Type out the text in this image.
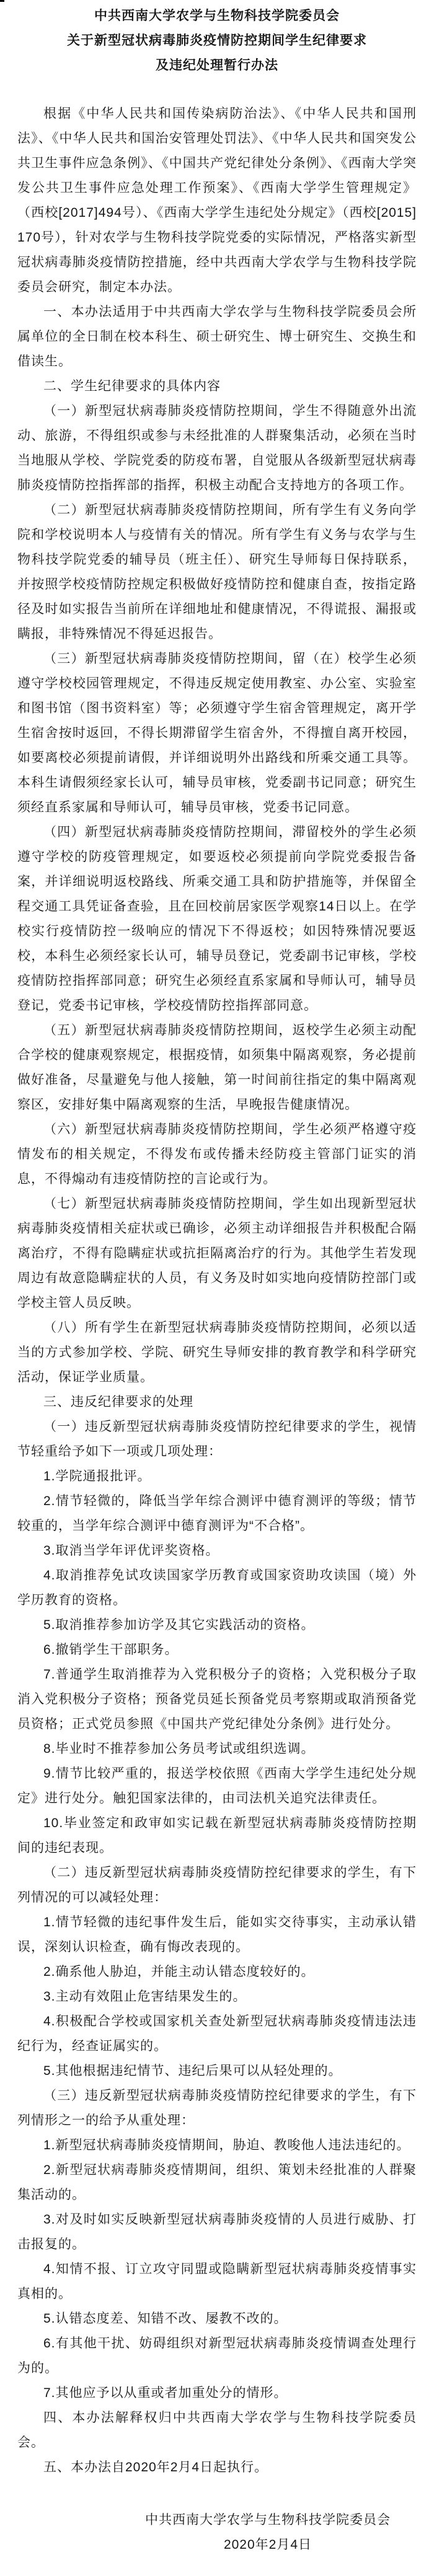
中共西南大学农学与生物科技学院委员会
关于新型冠状病毒肺炎疫情防控期间学生纪律要求
及违纪处理暂行办法

根据《中华人民共和国传染病防治法》、《中华人民共和国刑法》、《中华人民共和国治安管理处罚法》、《中华人民共和国突发公共卫生事件应急条例》、《中国共产党纪律处分条例》、《西南大学突发公共卫生事件应急处理工作预案》、《西南大学学生管理规定》（西校[2017]494号）、《西南大学学生违纪处分规定》（西校[2015]170号），针对农学与生物科技学院党委的实际情况，严格落实新型冠状病毒肺炎疫情防控措施，经中共西南大学农学与生物科技学院委员会研究，制定本办法。

一、本办法适用于中共西南大学农学与生物科技学院委员会所属单位的全日制在校本科生、硕士研究生、博士研究生、交换生和借读生。

二、学生纪律要求的具体内容

（一）新型冠状病毒肺炎疫情防控期间，学生不得随意外出流动、旅游，不得组织或参与未经批准的人群聚集活动，必须在当时当地服从学校、学院党委的防疫布署，自觉服从各级新型冠状病毒肺炎疫情防控指挥部的指挥，积极主动配合支持地方的各项工作。

（二）新型冠状病毒肺炎疫情防控期间，所有学生有义务向学院和学校说明本人与疫情有关的情况。所有学生有义务与农学与生物科技学院党委的辅导员（班主任）、研究生导师每日保持联系，并按照学校疫情防控规定积极做好疫情防控和健康自查，按指定路径及时如实报告当前所在详细地址和健康情况，不得谎报、漏报或瞒报，非特殊情况不得延迟报告。

（三）新型冠状病毒肺炎疫情防控期间，留（在）校学生必须遵守学校校园管理规定，不得违反规定使用教室、办公室、实验室和图书馆（图书资料室）等；必须遵守学生宿舍管理规定，离开学生宿舍按时返回，不得长期滞留学生宿舍外，不得擅自离开校园，如要离校必须提前请假，并详细说明外出路线和所乘交通工具等。本科生请假须经家长认可，辅导员审核，党委副书记同意；研究生须经直系家属和导师认可，辅导员审核，党委书记同意。

（四）新型冠状病毒肺炎疫情防控期间，滞留校外的学生必须遵守学校的防疫管理规定，如要返校必须提前向学院党委报告备案，并详细说明返校路线、所乘交通工具和防护措施等，并保留全程交通工具凭证备查验，且在回校前居家医学观察14日以上。在学校实行疫情防控一级响应的情况下不得返校；如因特殊情况要返校，本科生必须经家长认可，辅导员登记，党委副书记审核，学校疫情防控指挥部同意；研究生必须经直系家属和导师认可，辅导员登记，党委书记审核，学校疫情防控指挥部同意。

（五）新型冠状病毒肺炎疫情防控期间，返校学生必须主动配合学校的健康观察规定，根据疫情，如须集中隔离观察，务必提前做好准备，尽量避免与他人接触，第一时间前往指定的集中隔离观察区，安排好集中隔离观察的生活，早晚报告健康情况。

（六）新型冠状病毒肺炎疫情防控期间，学生必须严格遵守疫情发布的相关规定，不得发布或传播未经防疫主管部门证实的消息，不得煽动有违疫情防控的言论或行为。

（七）新型冠状病毒肺炎疫情防控期间，学生如出现新型冠状病毒肺炎疫情相关症状或已确诊，必须主动详细报告并积极配合隔离治疗，不得有隐瞒症状或抗拒隔离治疗的行为。其他学生若发现周边有故意隐瞒症状的人员，有义务及时如实地向疫情防控部门或学校主管人员反映。

（八）所有学生在新型冠状病毒肺炎疫情防控期间，必须以适当的方式参加学校、学院、研究生导师安排的教育教学和科学研究活动，保证学业质量。

三、违反纪律要求的处理

（一）违反新型冠状病毒肺炎疫情防控纪律要求的学生，视情节轻重给予如下一项或几项处理：

1.学院通报批评。

2.情节轻微的，降低当学年综合测评中德育测评的等级；情节较重的，当学年综合测评中德育测评为“不合格”。

3.取消当学年评优评奖资格。

4.取消推荐免试攻读国家学历教育或国家资助攻读国（境）外学历教育的资格。

5.取消推荐参加访学及其它实践活动的资格。

6.撤销学生干部职务。

7.普通学生取消推荐为入党积极分子的资格；入党积极分子取消入党积极分子资格；预备党员延长预备党员考察期或取消预备党员资格；正式党员参照《中国共产党纪律处分条例》进行处分。

8.毕业时不推荐参加公务员考试或组织选调。

9.情节比较严重的，报送学校依照《西南大学学生违纪处分规定》进行处分。触犯国家法律的，由司法机关追究法律责任。

10.毕业签定和政审如实记载在新型冠状病毒肺炎疫情防控期间的违纪表现。

（二）违反新型冠状病毒肺炎疫情防控纪律要求的学生，有下列情况的可以减轻处理：

1.情节轻微的违纪事件发生后，能如实交待事实，主动承认错误，深刻认识检查，确有悔改表现的。

2.确系他人胁迫，并能主动认错态度较好的。

3.主动有效阻止危害结果发生的。

4.积极配合学校或国家机关查处新型冠状病毒肺炎疫情违法违纪行为，经查证属实的。

5.其他根据违纪情节、违纪后果可以从轻处理的。

（三）违反新型冠状病毒肺炎疫情防控纪律要求的学生，有下列情形之一的给予从重处理：

1.新型冠状病毒肺炎疫情期间，胁迫、教唆他人违法违纪的。

2.新型冠状病毒肺炎疫情期间，组织、策划未经批准的人群聚集活动的。

3.对及时如实反映新型冠状病毒肺炎疫情的人员进行威胁、打击报复的。

4.知情不报、订立攻守同盟或隐瞒新型冠状病毒肺炎疫情事实真相的。

5.认错态度差、知错不改、屡教不改的。

6.有其他干扰、妨碍组织对新型冠状病毒肺炎疫情调查处理行为的。

7.其他应予以从重或者加重处分的情形。

四、本办法解释权归中共西南大学农学与生物科技学院委员会。

五、本办法自2020年2月4日起执行。

中共西南大学农学与生物科技学院委员会

2020年2月4日
